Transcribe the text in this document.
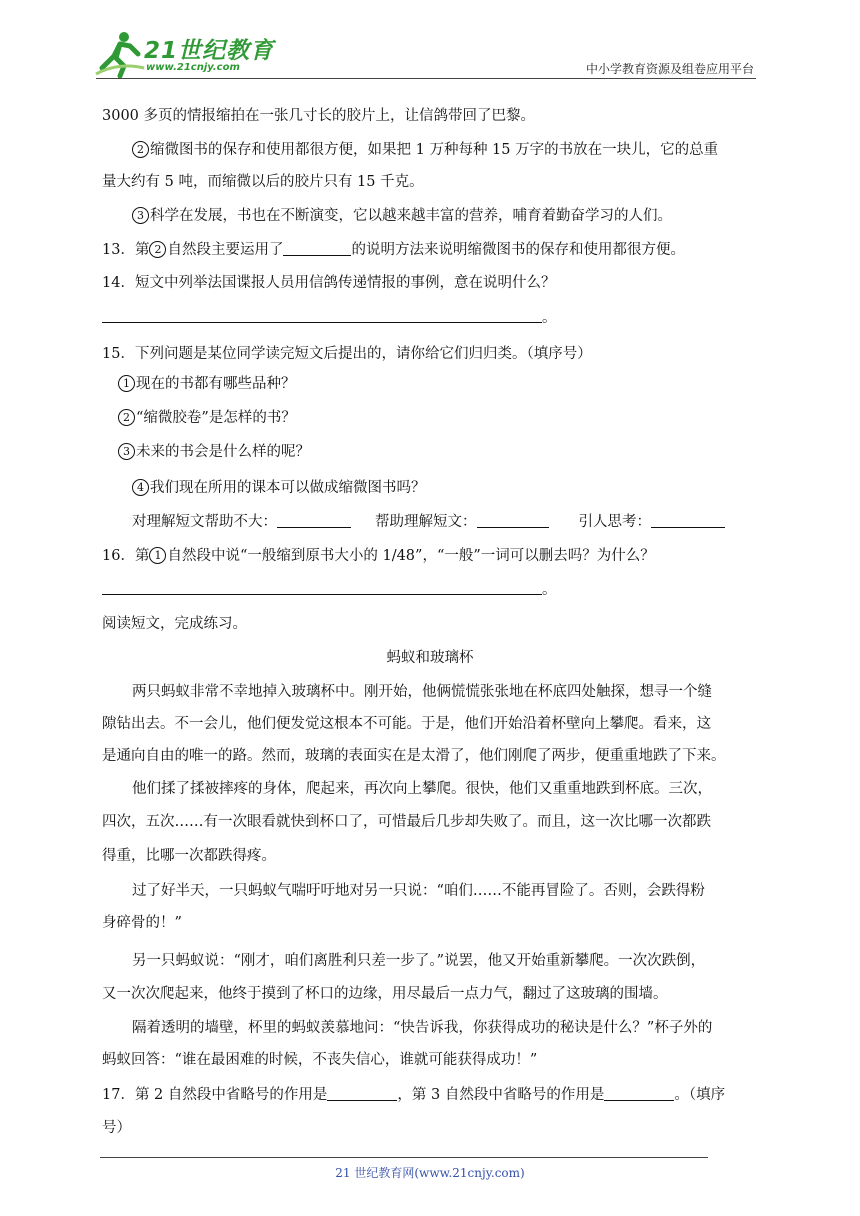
21世纪教育
www.21cnjy.com	中小学教育资源及组卷应用平台
3000 多页的情报缩拍在一张几寸长的胶片上，让信鸽带回了巴黎。
2 缩微图书的保存和使用都很方便，如果把 1 万种每种 15 万字的书放在一块儿，它的总重
量大约有 5 吨，而缩微以后的胶片只有 15 千克。
3 科学在发展，书也在不断演变，它以越来越丰富的营养，哺育着勤奋学习的人们。
13．第 2 自然段主要运用了	的说明方法来说明缩微图书的保存和使用都很方便。
14．短文中列举法国谍报人员用信鸽传递情报的事例，意在说明什么？
。
15．下列问题是某位同学读完短文后提出的，请你给它们归归类。（填序号）
1 现在的书都有哪些品种？
2 “缩微胶卷”是怎样的书？
3 未来的书会是什么样的呢？
4 我们现在所用的课本可以做成缩微图书吗？
对理解短文帮助不大：	帮助理解短文：	引人思考：
16．第 1 自然段中说“一般缩到原书大小的 1/48”，“一般”一词可以删去吗？为什么？
。
阅读短文，完成练习。
蚂蚁和玻璃杯
两只蚂蚁非常不幸地掉入玻璃杯中。刚开始，他俩慌慌张张地在杯底四处触探，想寻一个缝
隙钻出去。不一会儿，他们便发觉这根本不可能。于是，他们开始沿着杯壁向上攀爬。看来，这
是通向自由的唯一的路。然而，玻璃的表面实在是太滑了，他们刚爬了两步，便重重地跌了下来。
他们揉了揉被摔疼的身体，爬起来，再次向上攀爬。很快，他们又重重地跌到杯底。三次，
四次，五次……有一次眼看就快到杯口了，可惜最后几步却失败了。而且，这一次比哪一次都跌
得重，比哪一次都跌得疼。
过了好半天，一只蚂蚁气喘吁吁地对另一只说：“咱们……不能再冒险了。否则，会跌得粉
身碎骨的！”
另一只蚂蚁说：“刚才，咱们离胜利只差一步了。”说罢，他又开始重新攀爬。一次次跌倒，
又一次次爬起来，他终于摸到了杯口的边缘，用尽最后一点力气，翻过了这玻璃的围墙。
隔着透明的墙壁，杯里的蚂蚁羡慕地问：“快告诉我，你获得成功的秘诀是什么？”杯子外的
蚂蚁回答：“谁在最困难的时候，不丧失信心，谁就可能获得成功！”
17．第 2 自然段中省略号的作用是	，第 3 自然段中省略号的作用是	。（填序
号）
21 世纪教育网(www.21cnjy.com)
